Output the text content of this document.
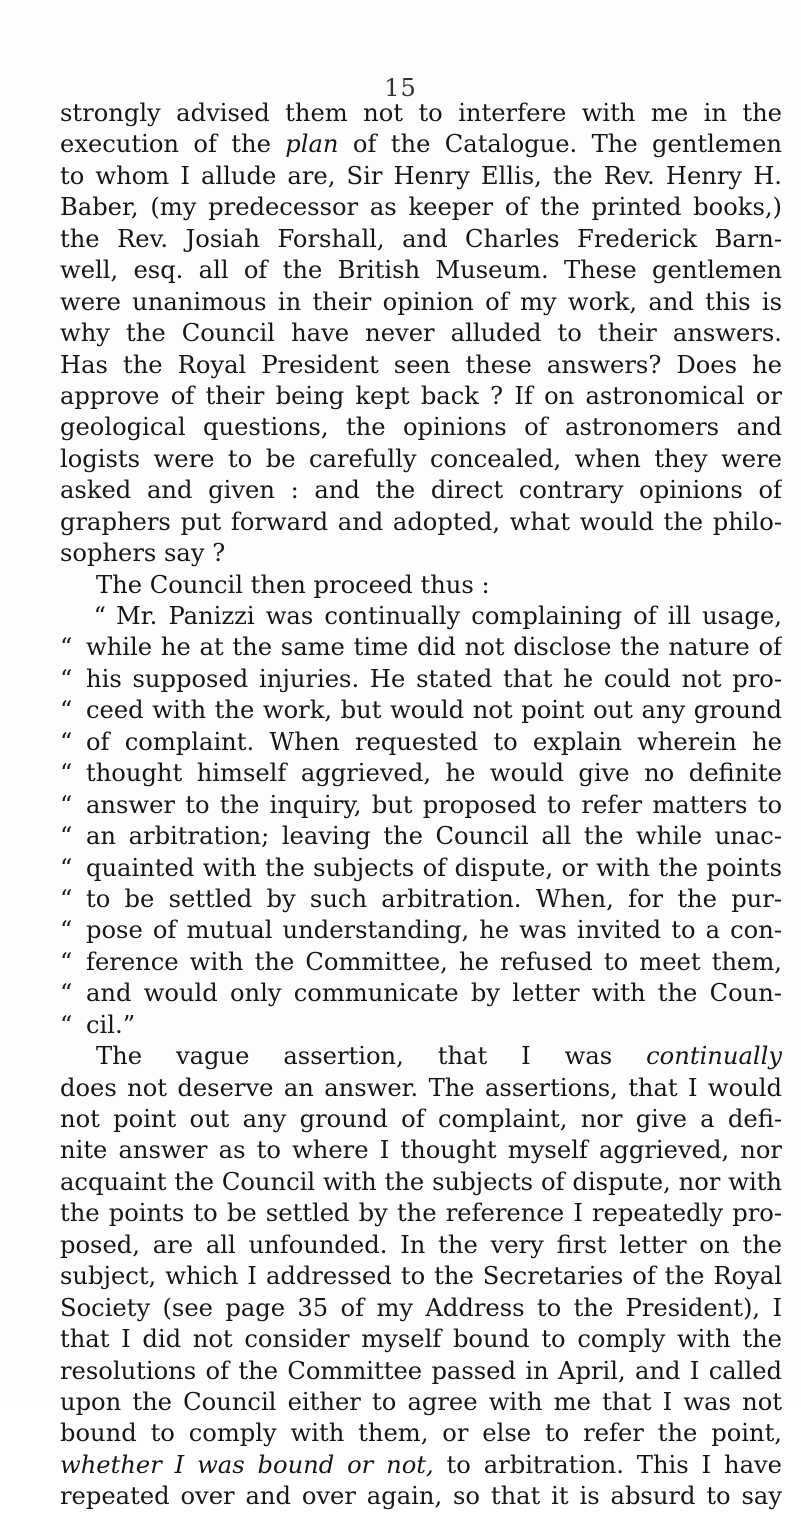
15
strongly advised them not to interfere with me in the
execution of the plan of the Catalogue. The gentlemen
to whom I allude are, Sir Henry Ellis, the Rev. Henry H.
Baber, (my predecessor as keeper of the printed books,)
the Rev. Josiah Forshall, and Charles Frederick Barn-
well, esq. all of the British Museum. These gentlemen
were unanimous in their opinion of my work, and this is
why the Council have never alluded to their answers.
Has the Royal President seen these answers? Does he
approve of their being kept back ? If on astronomical or
geological questions, the opinions of astronomers and
logists were to be carefully concealed, when they were
asked and given : and the direct contrary opinions of
graphers put forward and adopted, what would the philo-
sophers say ?
The Council then proceed thus :
“ Mr. Panizzi was continually complaining of ill usage,
“ while he at the same time did not disclose the nature of
“ his supposed injuries. He stated that he could not pro-
“ ceed with the work, but would not point out any ground
“ of complaint. When requested to explain wherein he
“ thought himself aggrieved, he would give no definite
“ answer to the inquiry, but proposed to refer matters to
“ an arbitration; leaving the Council all the while unac-
“ quainted with the subjects of dispute, or with the points
“ to be settled by such arbitration. When, for the pur-
“ pose of mutual understanding, he was invited to a con-
“ ference with the Committee, he refused to meet them,
“ and would only communicate by letter with the Coun-
“ cil.”
The vague assertion, that I was continually
does not deserve an answer. The assertions, that I would
not point out any ground of complaint, nor give a defi-
nite answer as to where I thought myself aggrieved, nor
acquaint the Council with the subjects of dispute, nor with
the points to be settled by the reference I repeatedly pro-
posed, are all unfounded. In the very first letter on the
subject, which I addressed to the Secretaries of the Royal
Society (see page 35 of my Address to the President), I
that I did not consider myself bound to comply with the
resolutions of the Committee passed in April, and I called
upon the Council either to agree with me that I was not
bound to comply with them, or else to refer the point,
whether I was bound or not, to arbitration. This I have
repeated over and over again, so that it is absurd to say
